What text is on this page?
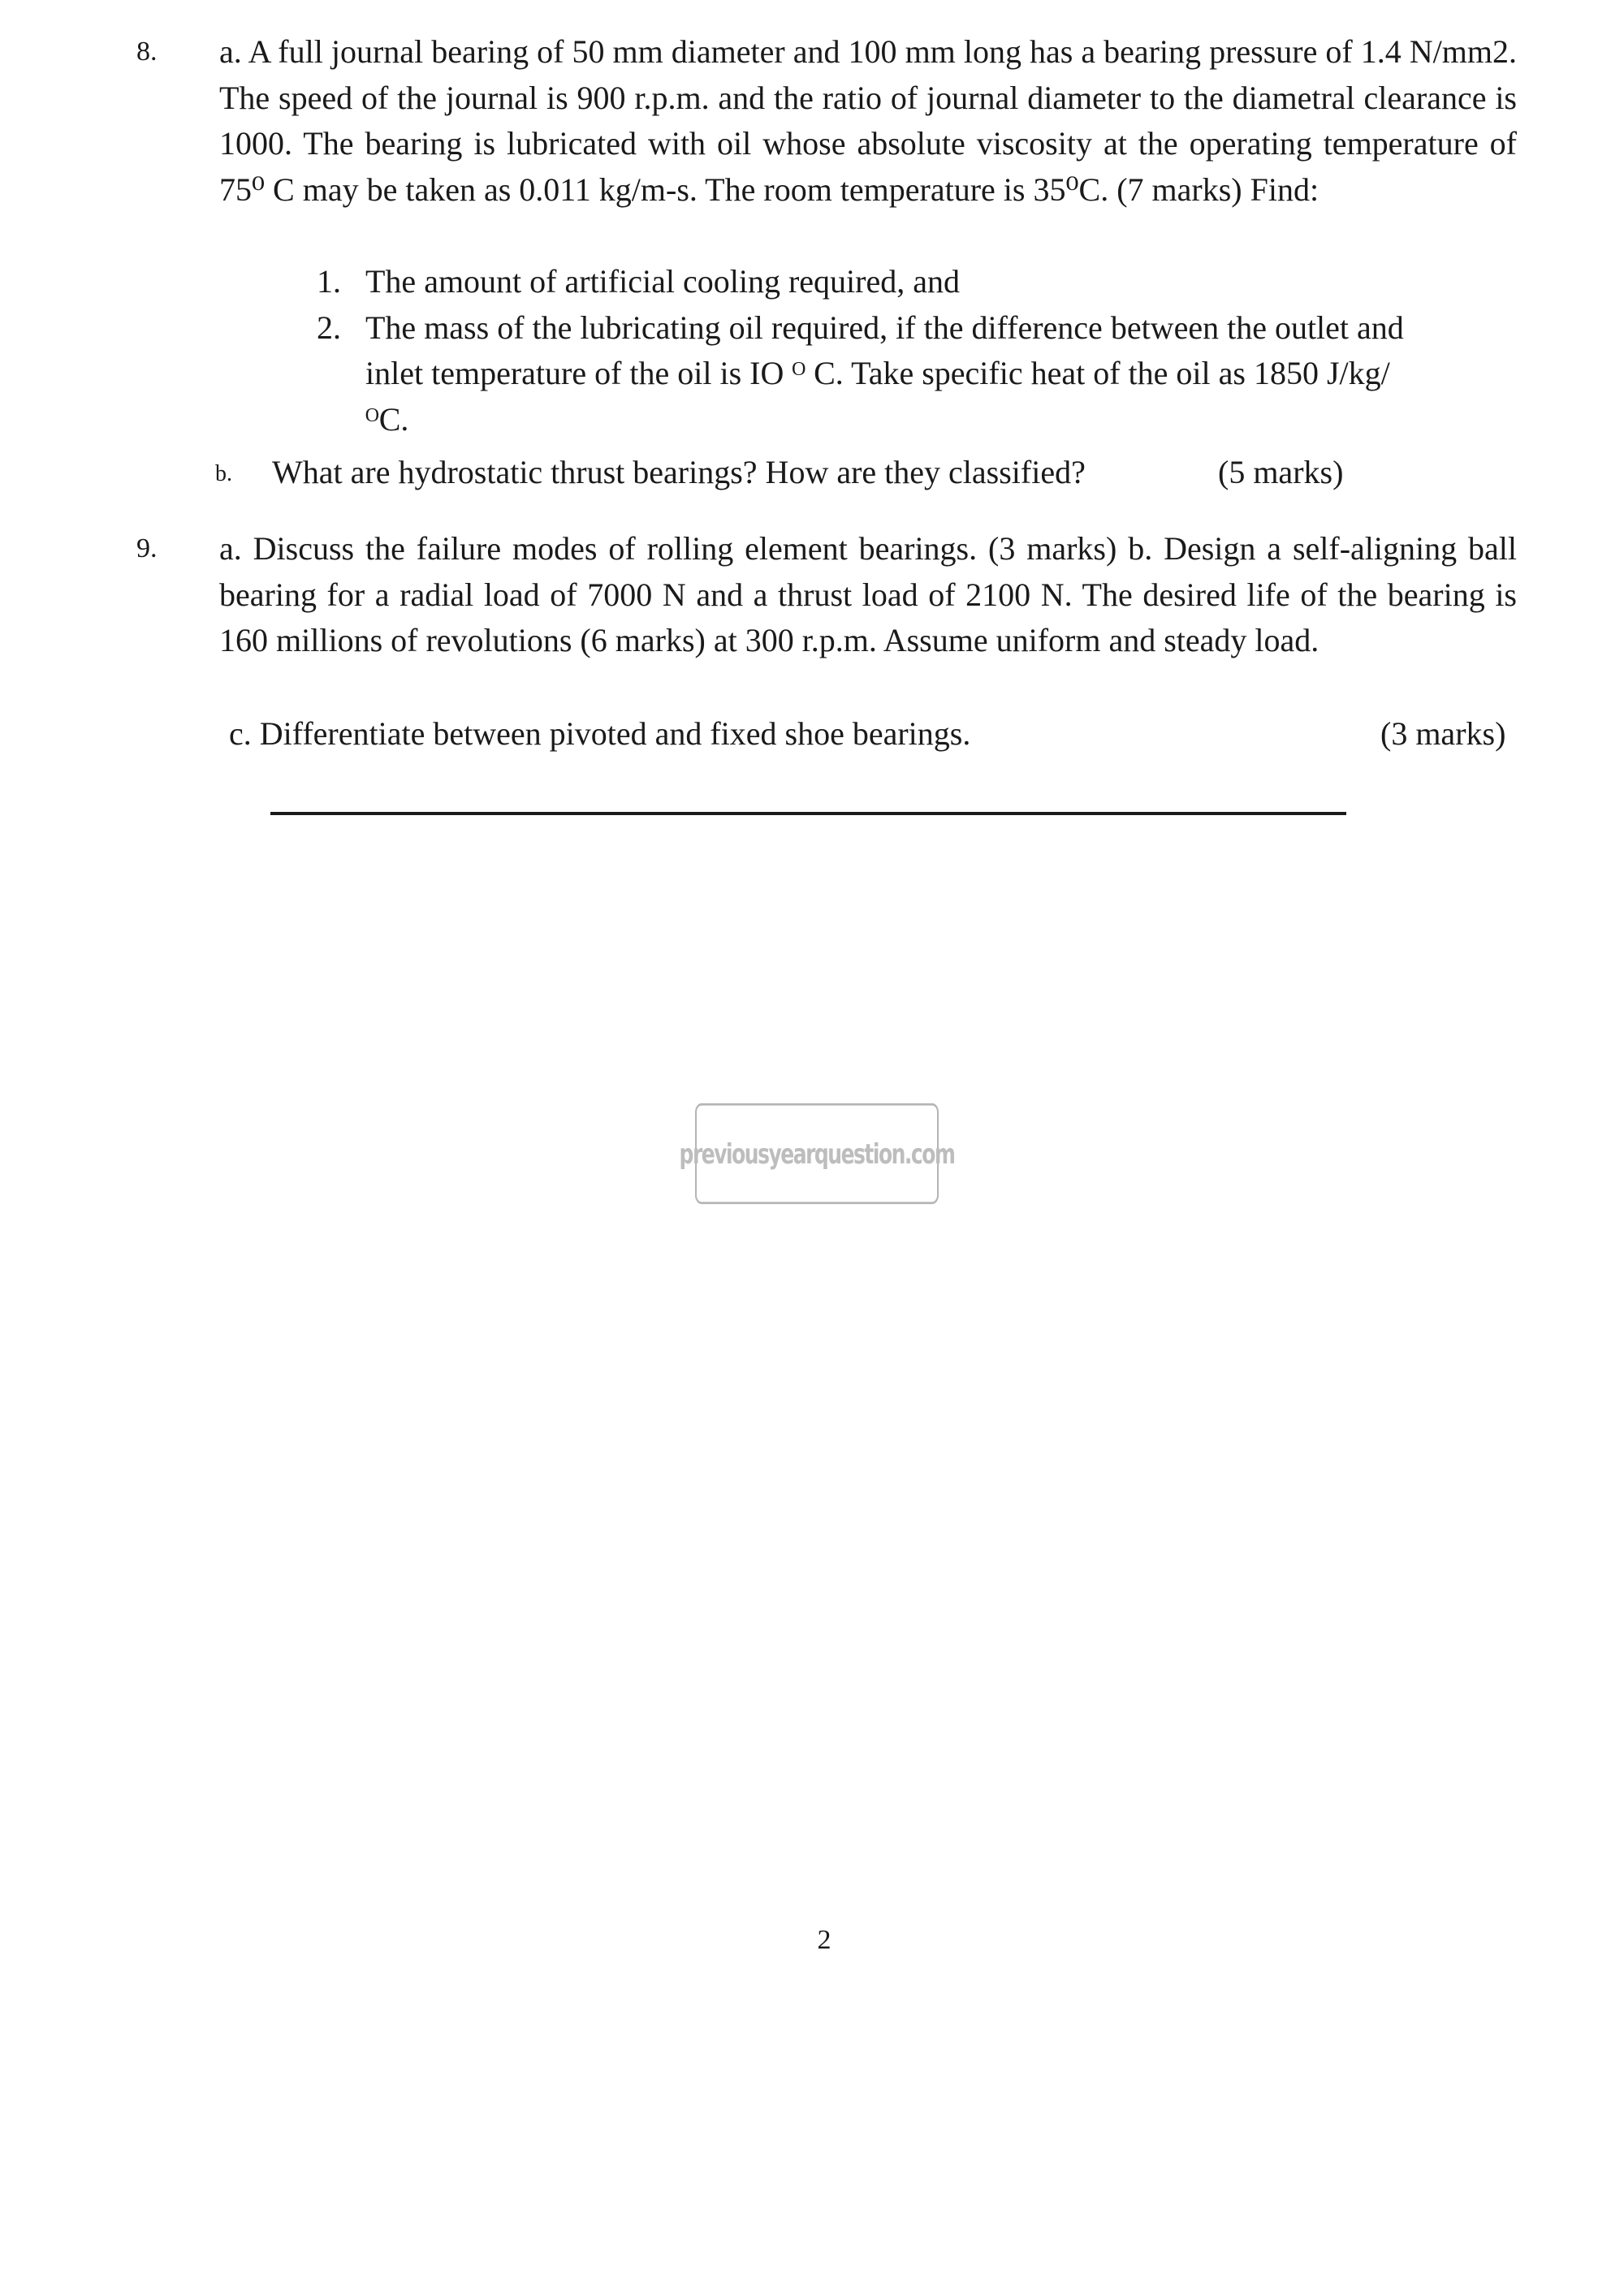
8. a. A full journal bearing of 50 mm diameter and 100 mm long has a bearing pressure of 1.4 N/mm2. The speed of the journal is 900 r.p.m. and the ratio of journal diameter to the diametral clearance is 1000. The bearing is lubricated with oil whose absolute viscosity at the operating temperature of 75⁰ C may be taken as 0.011 kg/m-s. The room temperature is 35⁰C. (7 marks) Find:
1. The amount of artificial cooling required, and
2. The mass of the lubricating oil required, if the difference between the outlet and inlet temperature of the oil is IO ᴼ C. Take specific heat of the oil as 1850 J/kg/ ᴼC.
b. What are hydrostatic thrust bearings? How are they classified?	(5 marks)
9. a. Discuss the failure modes of rolling element bearings. (3 marks) b. Design a self-aligning ball bearing for a radial load of 7000 N and a thrust load of 2100 N. The desired life of the bearing is 160 millions of revolutions (6 marks) at 300 r.p.m. Assume uniform and steady load.
c. Differentiate between pivoted and fixed shoe bearings.	(3 marks)
previousyearquestion.com
2
